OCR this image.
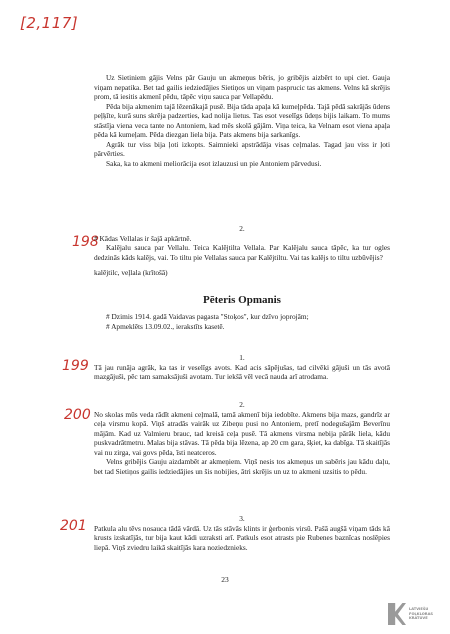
[2,117]

Uz Sietiniem gājis Velns pār Gauju un akmeņus bēris, jo gribējis aizbērt to upi ciet. Gauja viņam nepatika. Bet tad gailis iedziedājies Sietiņos un viņam paspruciс tas akmens. Velns kā skrējis prom, tā iesitis akmenī pēdu, tāpēc viņu sauca par Vellapēdu.

Pēda bija akmenim tajā lēzenākajā pusē. Bija tāda apaļa kā kumeļpēda. Tajā pēdā sakrājās ūdens peļķīte, kurā suns skrēja padzerties, kad nolija lietus. Tas esot veselīgs ūdeņs bijis laikam. To mums stāstīja viena veca tante no Antoniem, kad mēs skolā gājām. Viņa teica, ka Velnam esot viena apaļa pēda kā kumeļam. Pēda diezgan liela bija. Pats akmens bija sarkanīgs.

Agrāk tur viss bija ļoti izkopts. Saimnieki apstrādāja visas ceļmalas. Tagad jau viss ir ļoti pārvērties.

Saka, ka to akmeni meliorācija esot izlauzusi un pie Antoniem pārvedusi.

198

2.

# Kādas Vellalas ir šajā apkārtnē.

Kalējalu sauca par Vellalu. Teica Kalējtilta Vellala. Par Kalējalu sauca tāpēc, ka tur ogles dedzinās kāds kalējs, vai. To tiltu pie Vellalas sauca par Kalējtiltu. Vai tas kalējs to tiltu uzbūvējis?

kalējtilc, veļlala (krītošā)

Pēteris Opmanis

# Dzimis 1914. gadā Vaidavas pagasta "Stoķos", kur dzīvo joprojām;

# Apmeklēts 13.09.02., ierakstīts kasetē.

199

1.

Tā jau runāja agrāk, ka tas ir veselīgs avots. Kad acis sāpējušas, tad cilvēki gājuši un tās avotā mazgājuši, pēc tam samaksājuši avotam. Tur iekšā vēl vecā nauda arī atrodama.

200

2.

No skolas mūs veda rādīt akmeni ceļmalā, tamā akmenī bija iedobīte. Akmens bija mazs, gandrīz ar ceļa virsmu kopā. Viņš atradās vairāk uz Zibeņu pusi no Antoniem, pretī nodegušajām Beverīnu mājām. Kad uz Valmieru brauc, tad kreisā ceļa pusē. Tā akmens virsma nebija pārāk liela, kādu puskvadrātmetru. Malas bija stāvas. Tā pēda bija lēzena, ap 20 cm gara, šķiet, ka dabīga. Tā skaitījās vai nu zirga, vai govs pēda, īsti neatceros.

Velns gribējis Gauju aizdambēt ar akmeņiem. Viņš nesis tos akmeņus un sabēris jau kādu daļu, bet tad Sietiņos gailis iedziedājies un šis nobijies, ātri skrējis un uz to akmeni uzsitis to pēdu.

201	3.

Patkula alu tēvs nosauca tādā vārdā. Uz tās stāvās klints ir ģerbonis virsū. Pašā augšā viņam tāds kā krusts izskatījās, tur bija kaut kādi uzraksti arī. Patkuls esot atrasts pie Rubenes baznīcas noslēpies liepā. Viņš zviedru laikā skaitījās kara noziedznieks.

23
LATVIEŠU
FOLKLORAS
KRĀTUVE
